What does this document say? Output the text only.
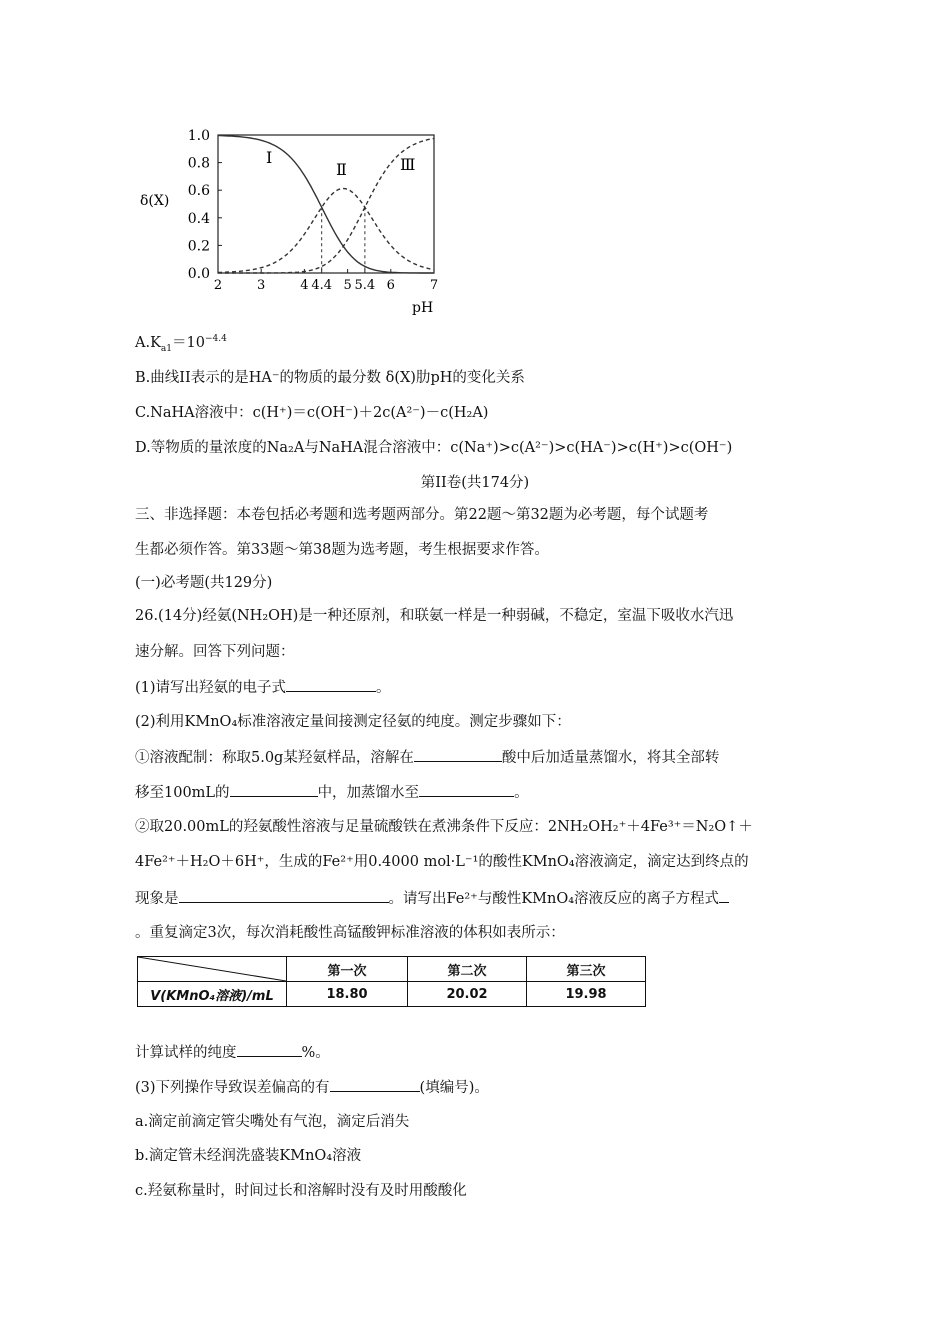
0.0
0.2
0.4
0.6
0.8
1.0
2	3	4 4.4 5 5.4 6	7
δ(X)
pH
Ⅰ
Ⅱ	Ⅲ
$A.K_{a1}=10^{-4.4}$
B.曲线II表示的是HA⁻的物质的最分数 δ(X)肋pH的变化关系
C.NaHA溶液中：c(H⁺)＝c(OH⁻)＋2c(A²⁻)－c(H₂A)
D.等物质的量浓度的Na₂A与NaHA混合溶液中：c(Na⁺)>c(A²⁻)>c(HA⁻)>c(H⁺)>c(OH⁻)
第II卷(共174分)
三、非选择题：本卷包括必考题和选考题两部分。第22题～第32题为必考题，每个试题考
生都必须作答。第33题～第38题为选考题，考生根据要求作答。
(一)必考题(共129分)
26.(14分)经氨(NH₂OH)是一种还原剂，和联氨一样是一种弱碱，不稳定，室温下吸收水汽迅
速分解。回答下列问题：
(1)请写出羟氨的电子式	。
(2)利用KMnO₄标准溶液定量间接测定径氨的纯度。测定步骤如下：
①溶液配制：称取5.0g某羟氨样品，溶解在	酸中后加适量蒸馏水，将其全部转
移至100mL的	中，加蒸馏水至	。
②取20.00mL的羟氨酸性溶液与足量硫酸铁在煮沸条件下反应：2NH₂OH₂⁺＋4Fe³⁺＝N₂O↑＋
4Fe²⁺＋H₂O＋6H⁺，生成的Fe²⁺用0.4000 mol·L⁻¹的酸性KMnO₄溶液滴定，滴定达到终点的
现象是	。请写出Fe²⁺与酸性KMnO₄溶液反应的离子方程式
。重复滴定3次，每次消耗酸性高锰酸钾标准溶液的体积如表所示：
	第一次	第二次	第三次
V(KMnO₄溶液)/mL	18.80	20.02	19.98
计算试样的纯度	%。
(3)下列操作导致误差偏高的有	(填编号)。
a.滴定前滴定管尖嘴处有气泡，滴定后消失
b.滴定管未经润洗盛装KMnO₄溶液
c.羟氨称量时，时间过长和溶解时没有及时用酸酸化
